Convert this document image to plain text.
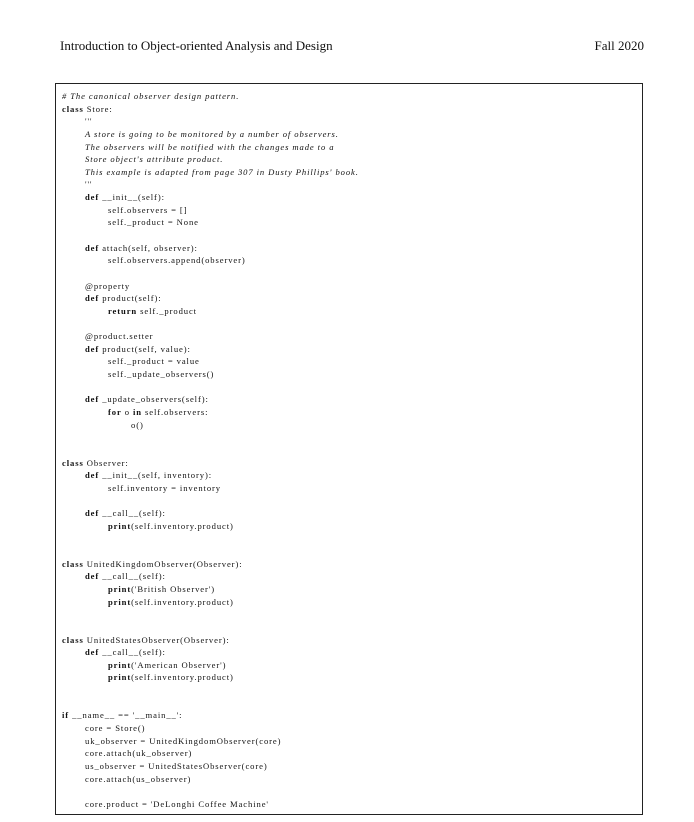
Introduction to Object-oriented Analysis and Design	Fall 2020
# The canonical observer design pattern.
class Store:
'''
A store is going to be monitored by a number of observers.
The observers will be notified with the changes made to a
Store object's attribute product.
This example is adapted from page 307 in Dusty Phillips' book.
'''
def __init__(self):
self.observers = []
self._product = None
def attach(self, observer):
self.observers.append(observer)
@property
def product(self):
return self._product
@product.setter
def product(self, value):
self._product = value
self._update_observers()
def _update_observers(self):
for o in self.observers:
o()
class Observer:
def __init__(self, inventory):
self.inventory = inventory
def __call__(self):
print(self.inventory.product)
class UnitedKingdomObserver(Observer):
def __call__(self):
print('British Observer')
print(self.inventory.product)
class UnitedStatesObserver(Observer):
def __call__(self):
print('American Observer')
print(self.inventory.product)
if __name__ == '__main__':
core = Store()
uk_observer = UnitedKingdomObserver(core)
core.attach(uk_observer)
us_observer = UnitedStatesObserver(core)
core.attach(us_observer)
core.product = 'DeLonghi Coffee Machine'
